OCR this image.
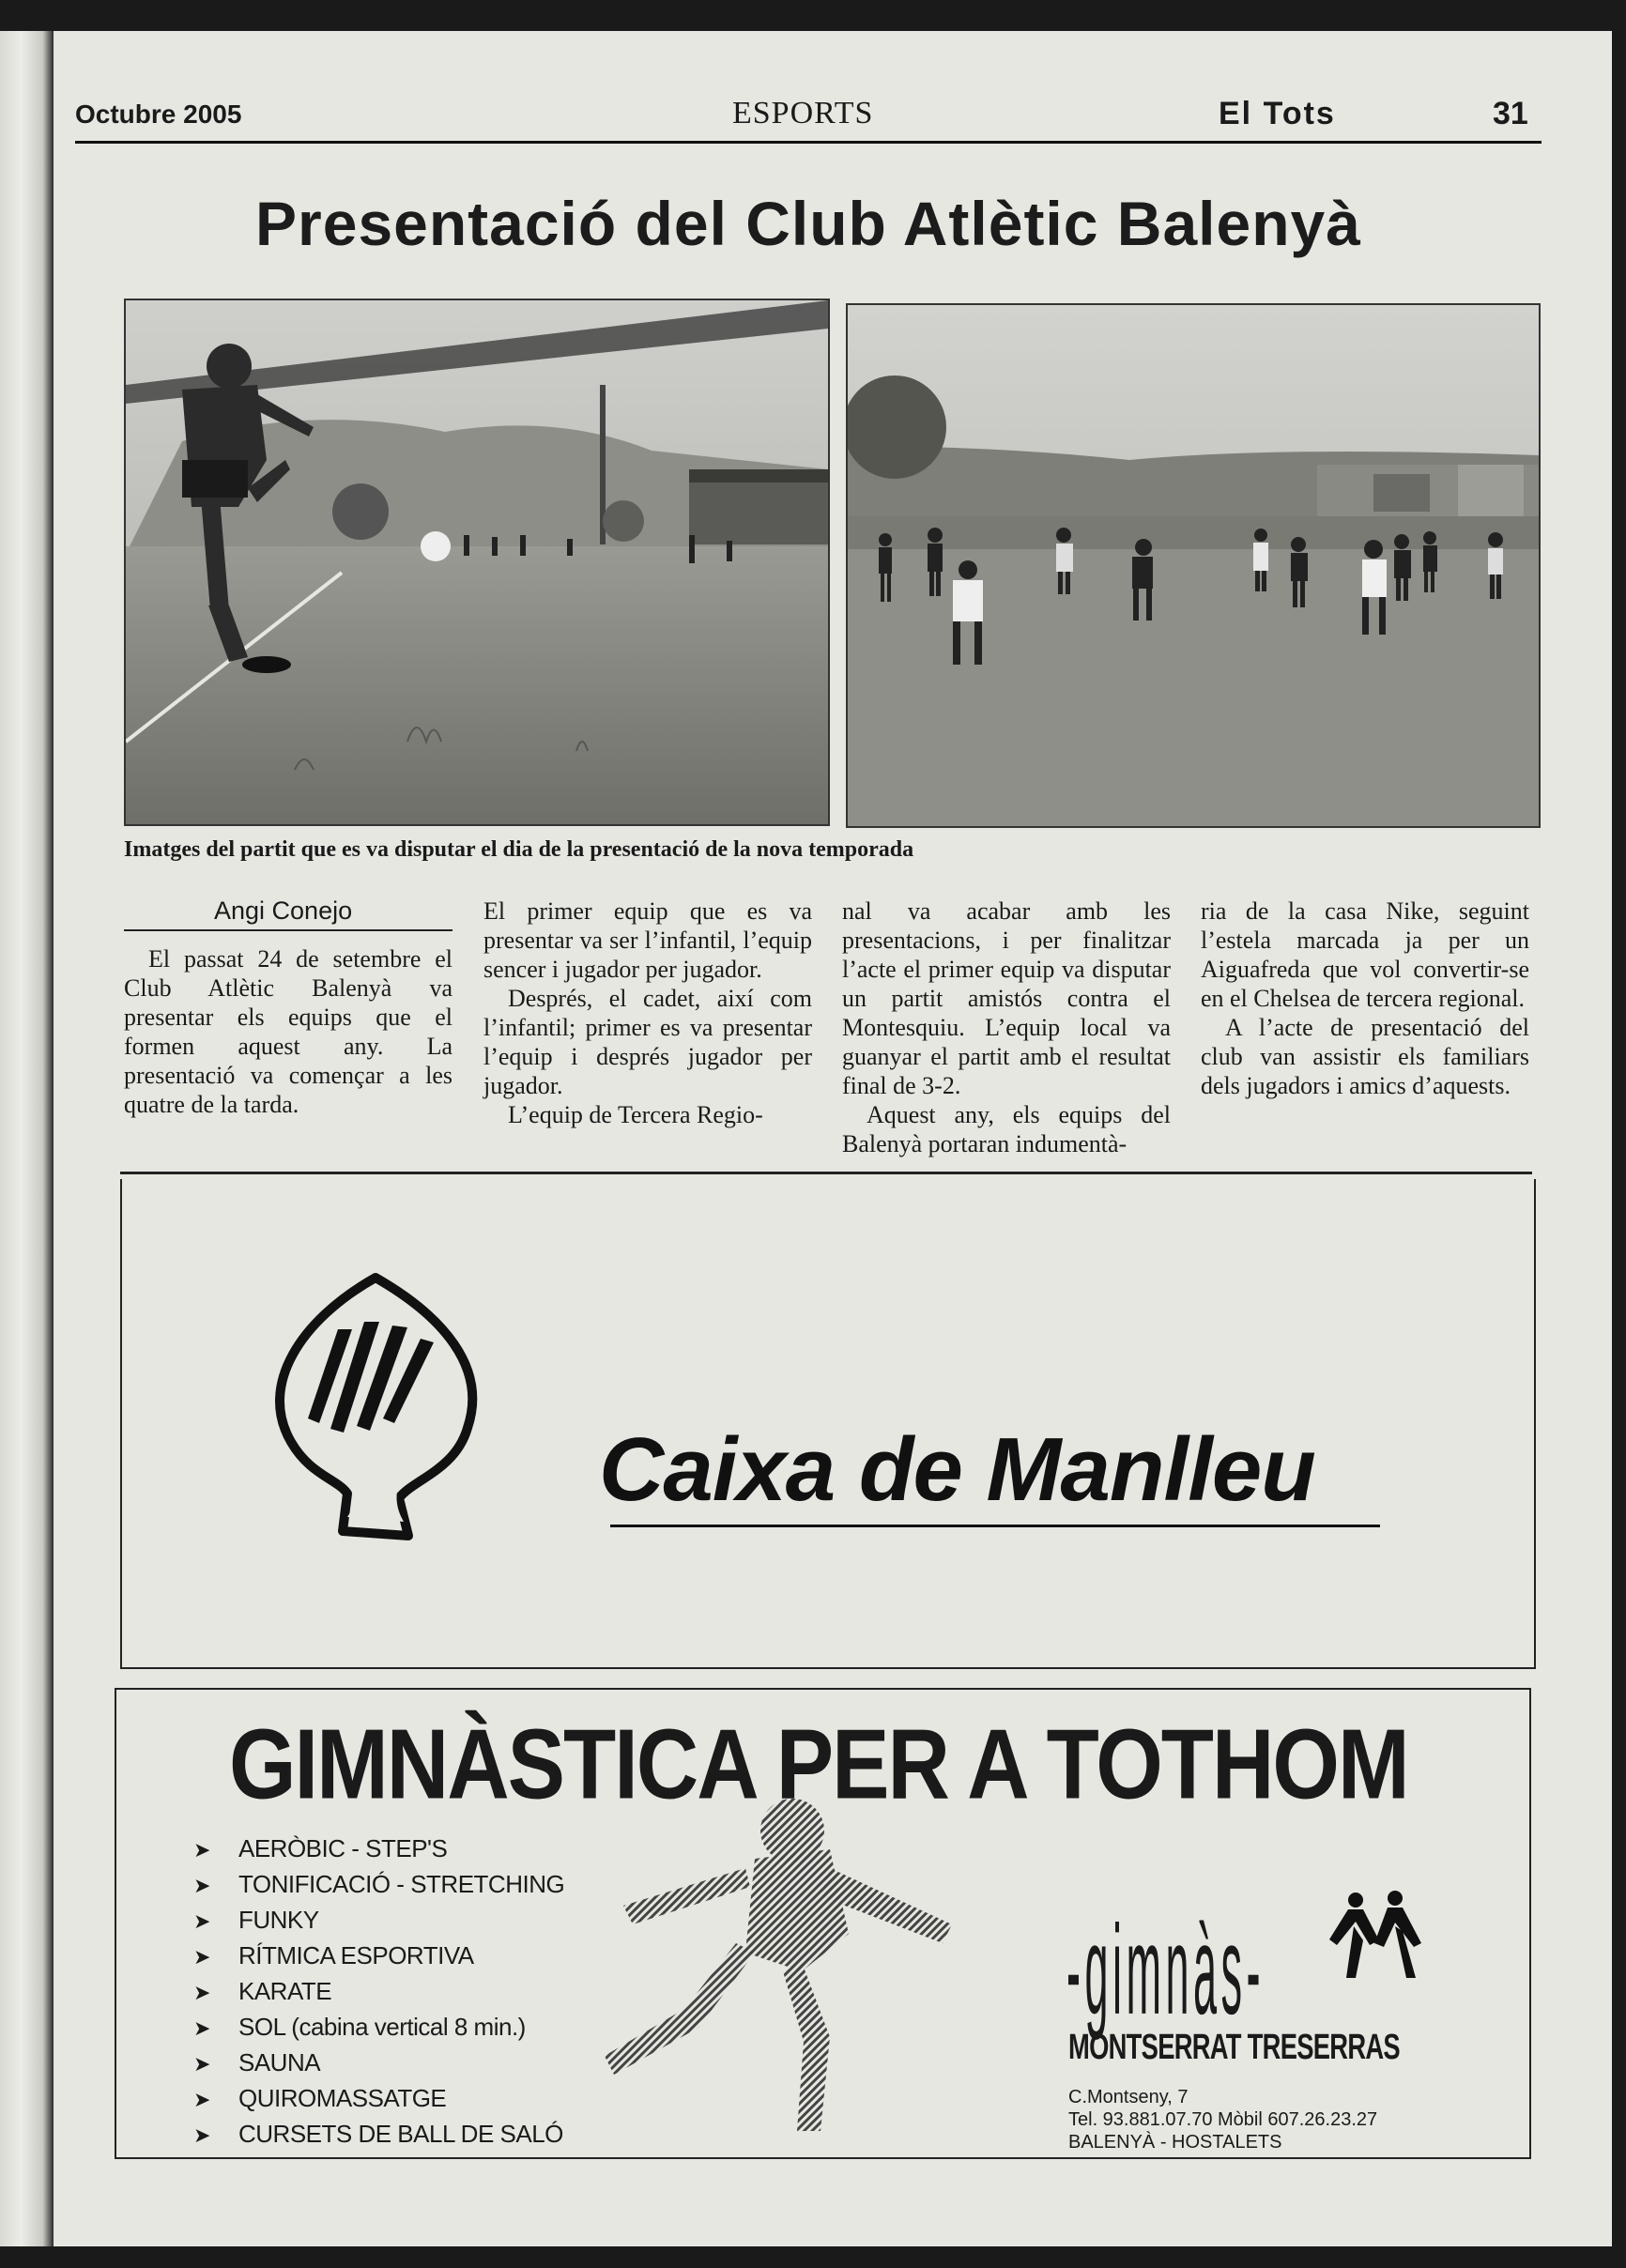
Octubre 2005	ESPORTS	El Tots	31
Presentació del Club Atlètic Balenyà
Imatges del partit que es va disputar el dia de la presentació de la nova temporada
Angi Conejo

El passat 24 de setembre el Club Atlètic Balenyà va presentar els equips que el formen aquest any. La presentació va començar a les quatre de la tarda.

El primer equip que es va presentar va ser l’infantil, l’equip sencer i jugador per jugador.

Després, el cadet, així com l’infantil; primer es va presentar l’equip i després jugador per jugador.

L’equip de Tercera Regio-

nal va acabar amb les presentacions, i per finalitzar l’acte el primer equip va disputar un partit amistós contra el Montesquiu. L’equip local va guanyar el partit amb el resultat final de 3-2.

Aquest any, els equips del Balenyà portaran indumentà-

ria de la casa Nike, seguint l’estela marcada ja per un Aiguafreda que vol convertir-se en el Chelsea de tercera regional.

A l’acte de presentació del club van assistir els familiars dels jugadors i amics d’aquests.

Caixa de Manlleu
GIMNÀSTICA PER A TOTHOM
➤ AERÒBIC - STEP'S
➤ TONIFICACIÓ - STRETCHING
➤ FUNKY
➤ RÍTMICA ESPORTIVA
➤ KARATE
➤ SOL (cabina vertical 8 min.)
➤ SAUNA
➤ QUIROMASSATGE
➤ CURSETS DE BALL DE SALÓ
-gimnàs-
MONTSERRAT TRESERRAS
C.Montseny, 7
Tel. 93.881.07.70 Mòbil 607.26.23.27
BALENYÀ - HOSTALETS
